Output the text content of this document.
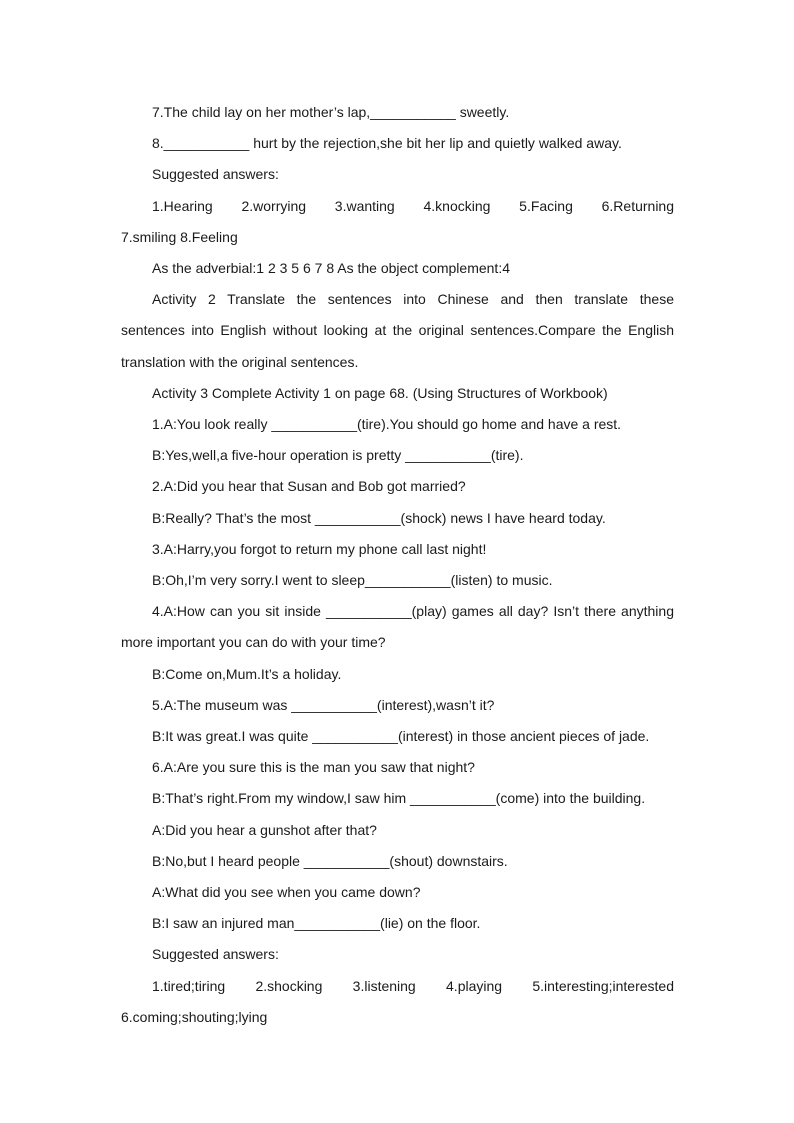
7.The child lay on her mother’s lap,___________ sweetly.
8.___________ hurt by the rejection,she bit her lip and quietly walked away.
Suggested answers:
1.Hearing 2.worrying 3.wanting 4.knocking 5.Facing 6.Returning
7.smiling 8.Feeling
As the adverbial:1 2 3 5 6 7 8 As the object complement:4
Activity 2 Translate the sentences into Chinese and then translate these
sentences into English without looking at the original sentences.Compare the English
translation with the original sentences.
Activity 3 Complete Activity 1 on page 68. (Using Structures of Workbook)
1.A:You look really ___________(tire).You should go home and have a rest.
B:Yes,well,a five-hour operation is pretty ___________(tire).
2.A:Did you hear that Susan and Bob got married?
B:Really? That’s the most ___________(shock) news I have heard today.
3.A:Harry,you forgot to return my phone call last night!
B:Oh,I’m very sorry.I went to sleep___________(listen) to music.
4.A:How can you sit inside ___________(play) games all day? Isn’t there anything
more important you can do with your time?
B:Come on,Mum.It’s a holiday.
5.A:The museum was ___________(interest),wasn’t it?
B:It was great.I was quite ___________(interest) in those ancient pieces of jade.
6.A:Are you sure this is the man you saw that night?
B:That’s right.From my window,I saw him ___________(come) into the building.
A:Did you hear a gunshot after that?
B:No,but I heard people ___________(shout) downstairs.
A:What did you see when you came down?
B:I saw an injured man___________(lie) on the floor.
Suggested answers:
1.tired;tiring 2.shocking 3.listening 4.playing 5.interesting;interested
6.coming;shouting;lying
